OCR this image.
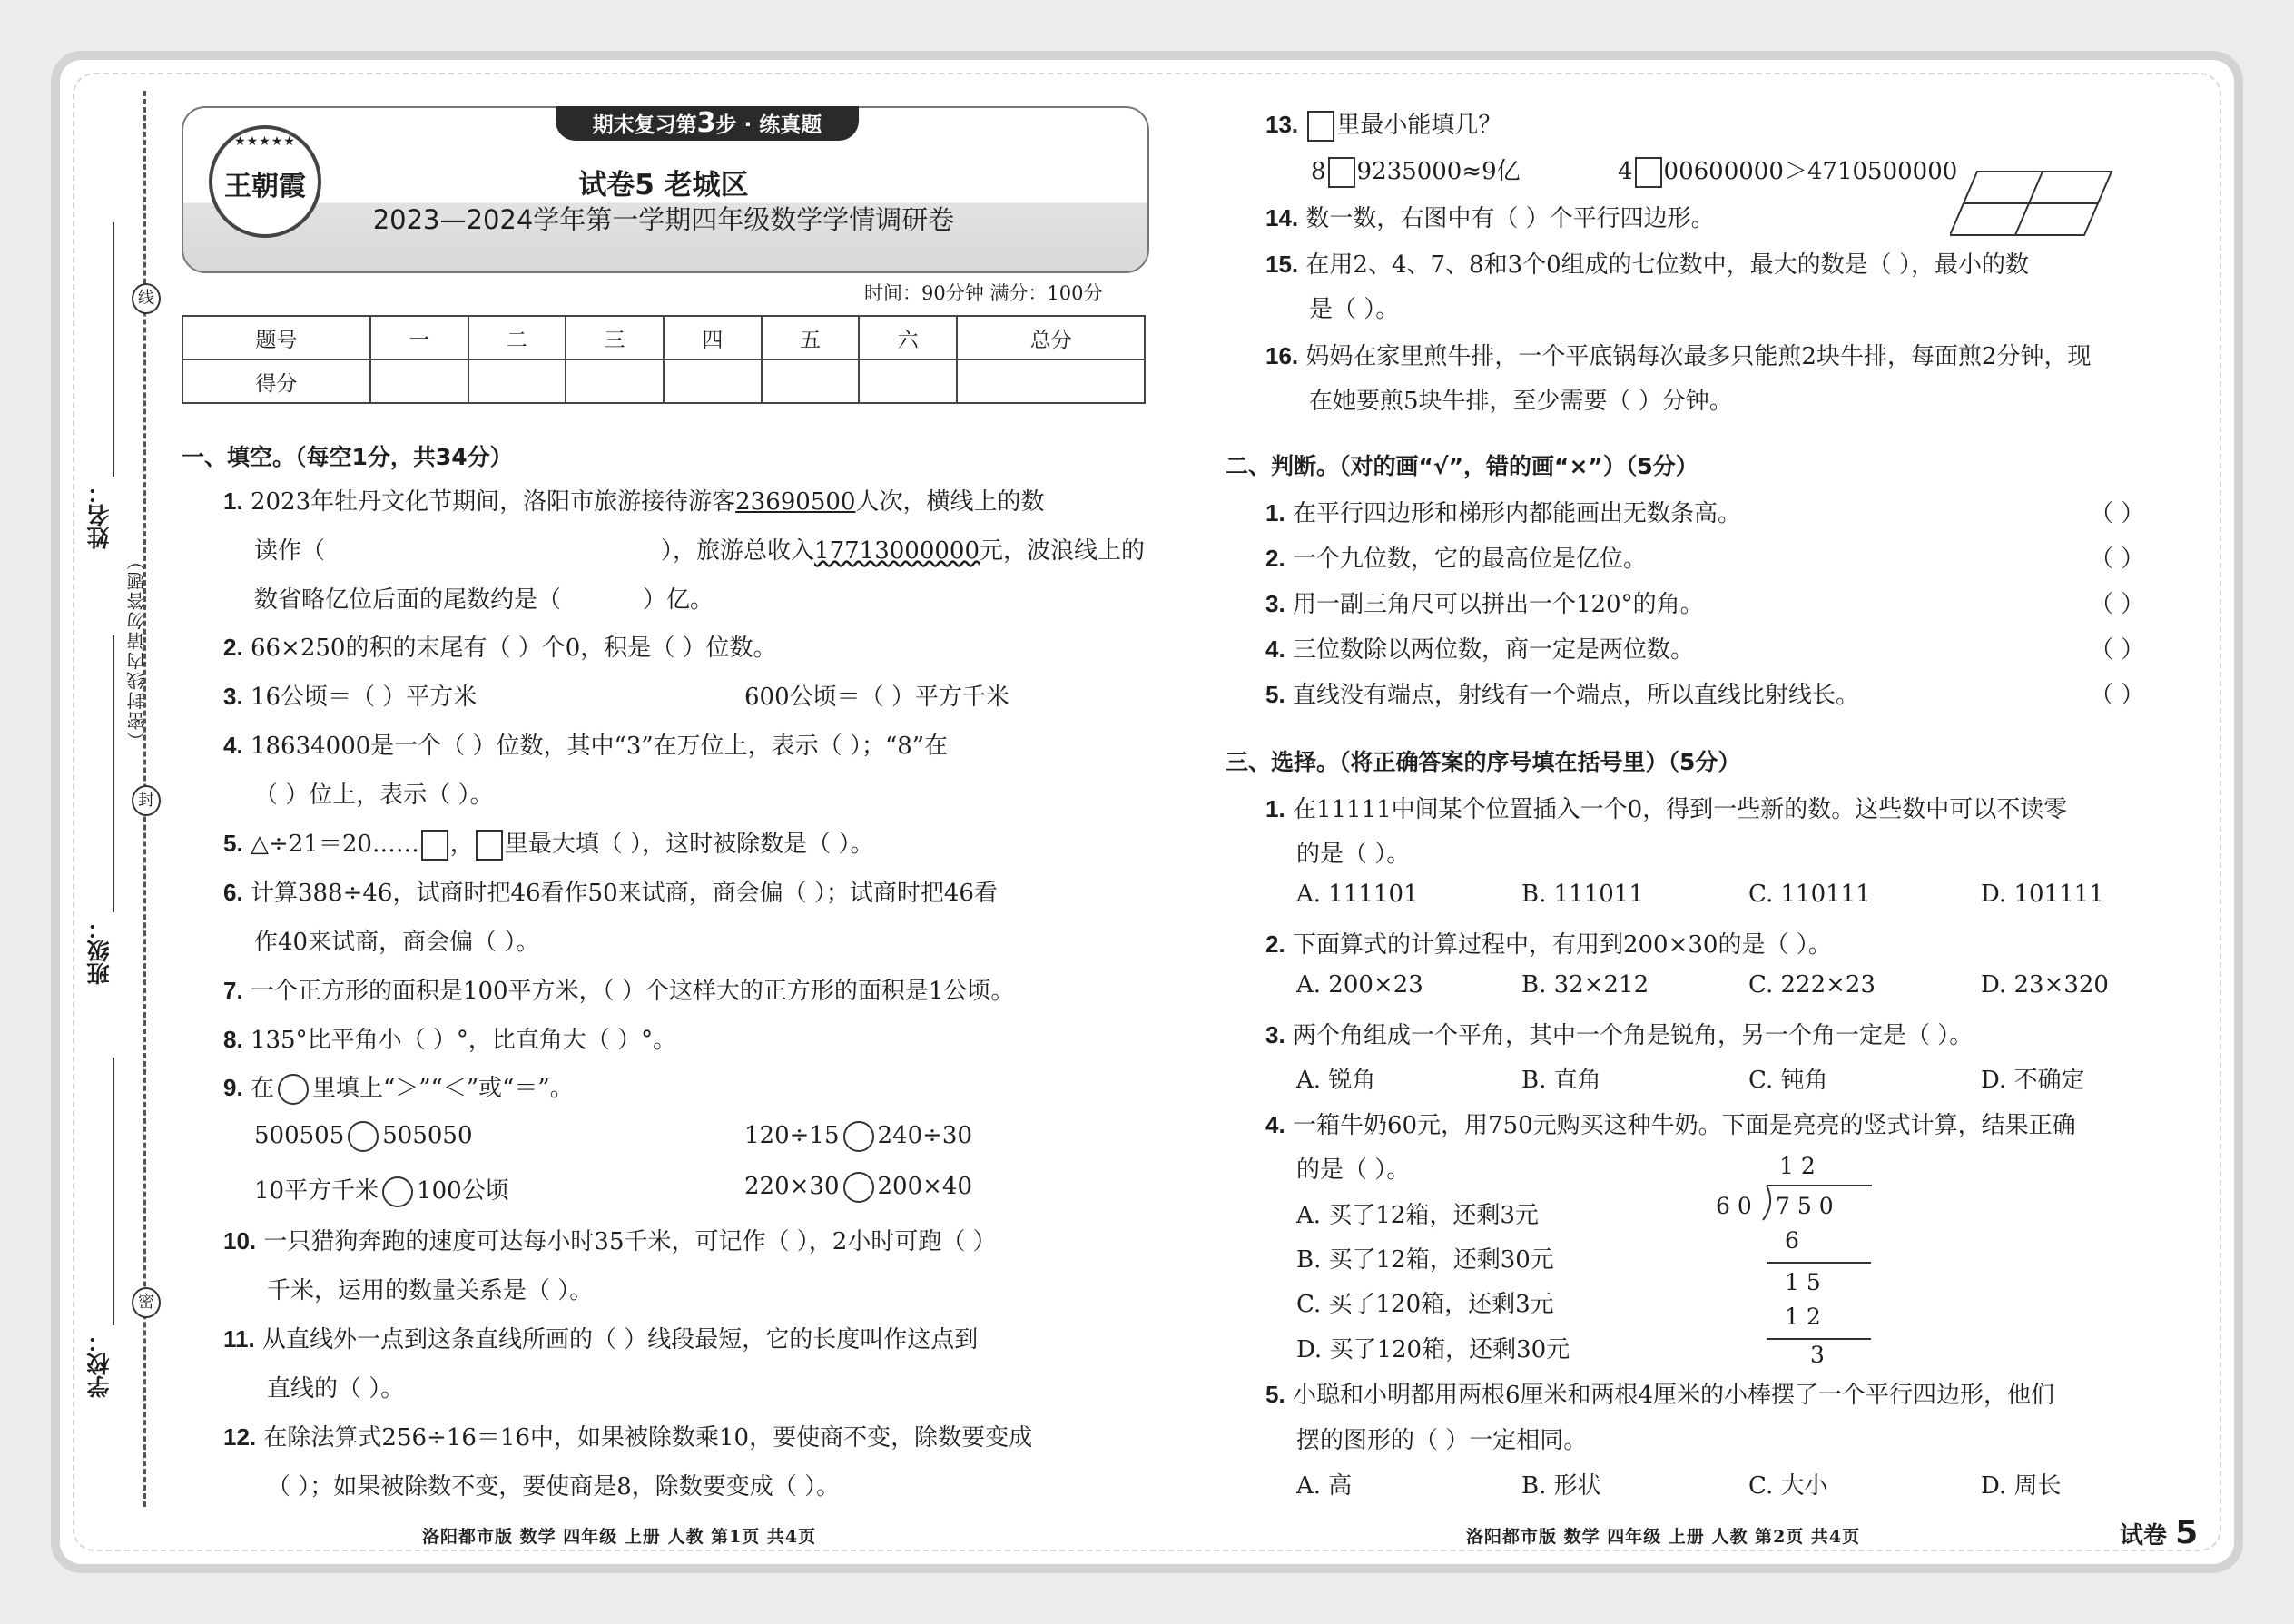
线
封
密
（密封线内请勿答题）
姓名：
班级：
学校：
★★★★★
王朝霞
期末复习第3步 · 练真题
试卷5 老城区
2023—2024学年第一学期四年级数学学情调研卷
时间：90分钟 满分：100分
题号	一	二	三	四	五	六	总分
得分							
一、填空。（每空1分，共34分）
1. 2023年牡丹文化节期间，洛阳市旅游接待游客23690500人次，横线上的数
读作（	），旅游总收入17713000000元，波浪线上的
数省略亿位后面的尾数约是（	）亿。
2. 66×250的积的末尾有（ ）个0，积是（ ）位数。
3. 16公顷＝（ ）平方米	600公顷＝（ ）平方千米
4. 18634000是一个（ ）位数，其中“3”在万位上，表示（ ）；“8”在
（ ）位上，表示（ ）。
5. △÷21＝20…… ， 里最大填（ ），这时被除数是（ ）。
6. 计算388÷46，试商时把46看作50来试商，商会偏（ ）；试商时把46看
作40来试商，商会偏（ ）。
7. 一个正方形的面积是100平方米，（ ）个这样大的正方形的面积是1公顷。
8. 135°比平角小（ ）°，比直角大（ ）°。
9. 在 里填上“＞”“＜”或“＝”。
500505 505050	120÷15 240÷30
10平方千米 100公顷	220×30 200×40
10. 一只猎狗奔跑的速度可达每小时35千米，可记作（ ），2小时可跑（ ）
千米，运用的数量关系是（ ）。
11. 从直线外一点到这条直线所画的（ ）线段最短，它的长度叫作这点到
直线的（ ）。
12. 在除法算式256÷16＝16中，如果被除数乘10，要使商不变，除数要变成
（ ）；如果被除数不变，要使商是8，除数要变成（ ）。
13. 里最小能填几？
8 9235000≈9亿	4 00600000＞4710500000
14. 数一数，右图中有（ ）个平行四边形。
15. 在用2、4、7、8和3个0组成的七位数中，最大的数是（ ），最小的数
是（ ）。
16. 妈妈在家里煎牛排，一个平底锅每次最多只能煎2块牛排，每面煎2分钟，现
在她要煎5块牛排，至少需要（ ）分钟。
二、判断。（对的画“√”，错的画“×”）（5分）
1. 在平行四边形和梯形内都能画出无数条高。
2. 一个九位数，它的最高位是亿位。
3. 用一副三角尺可以拼出一个120°的角。
4. 三位数除以两位数，商一定是两位数。
5. 直线没有端点，射线有一个端点，所以直线比射线长。
（ ）
（ ）
（ ）
（ ）
（ ）
三、选择。（将正确答案的序号填在括号里）（5分）
1. 在11111中间某个位置插入一个0，得到一些新的数。这些数中可以不读零
的是（ ）。
A. 111101	B. 111011	C. 110111	D. 101111
2. 下面算式的计算过程中，有用到200×30的是（ ）。
A. 200×23	B. 32×212	C. 222×23	D. 23×320
3. 两个角组成一个平角，其中一个角是锐角，另一个角一定是（ ）。
A. 锐角	B. 直角	C. 钝角	D. 不确定
4. 一箱牛奶60元，用750元购买这种牛奶。下面是亮亮的竖式计算，结果正确
的是（ ）。
A. 买了12箱，还剩3元
B. 买了12箱，还剩30元
C. 买了120箱，还剩3元
D. 买了120箱，还剩30元
1 2
6 0 7 5 0
6
1 5
1 2
3
5. 小聪和小明都用两根6厘米和两根4厘米的小棒摆了一个平行四边形，他们
摆的图形的（ ）一定相同。
A. 高	B. 形状	C. 大小	D. 周长
洛阳都市版 数学 四年级 上册 人教 第1页 共4页	洛阳都市版 数学 四年级 上册 人教 第2页 共4页	试卷 5
